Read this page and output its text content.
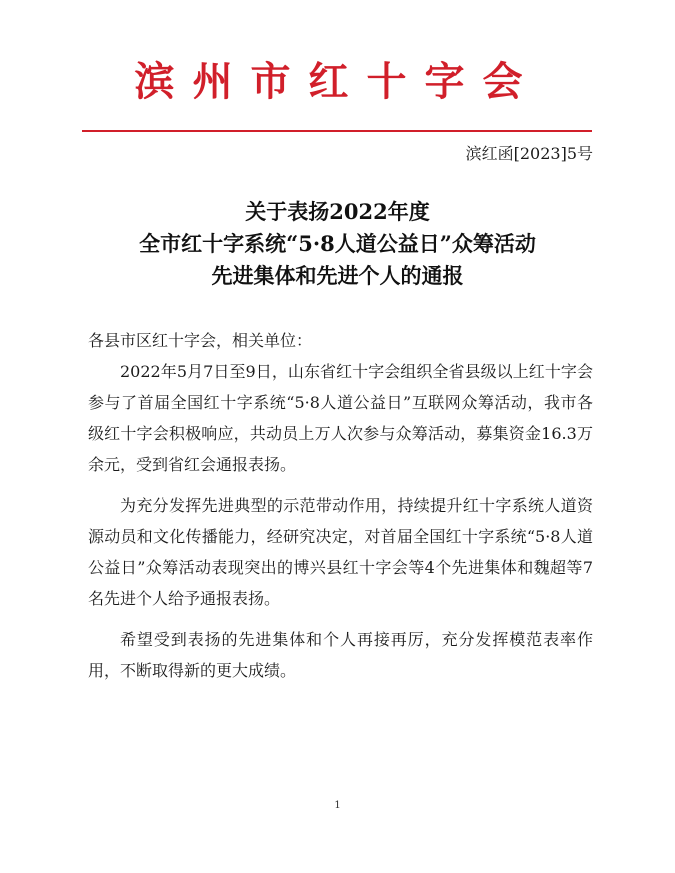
滨州市红十字会
滨红函[2023]5号
关于表扬2022年度
全市红十字系统“5·8人道公益日”众筹活动
先进集体和先进个人的通报

各县市区红十字会，相关单位：

2022年5月7日至9日，山东省红十字会组织全省县级以上红十字会参与了首届全国红十字系统“5·8人道公益日”互联网众筹活动，我市各级红十字会积极响应，共动员上万人次参与众筹活动，募集资金16.3万余元，受到省红会通报表扬。

为充分发挥先进典型的示范带动作用，持续提升红十字系统人道资源动员和文化传播能力，经研究决定，对首届全国红十字系统“5·8人道公益日”众筹活动表现突出的博兴县红十字会等4个先进集体和魏超等7名先进个人给予通报表扬。

希望受到表扬的先进集体和个人再接再厉，充分发挥模范表率作用，不断取得新的更大成绩。

1
